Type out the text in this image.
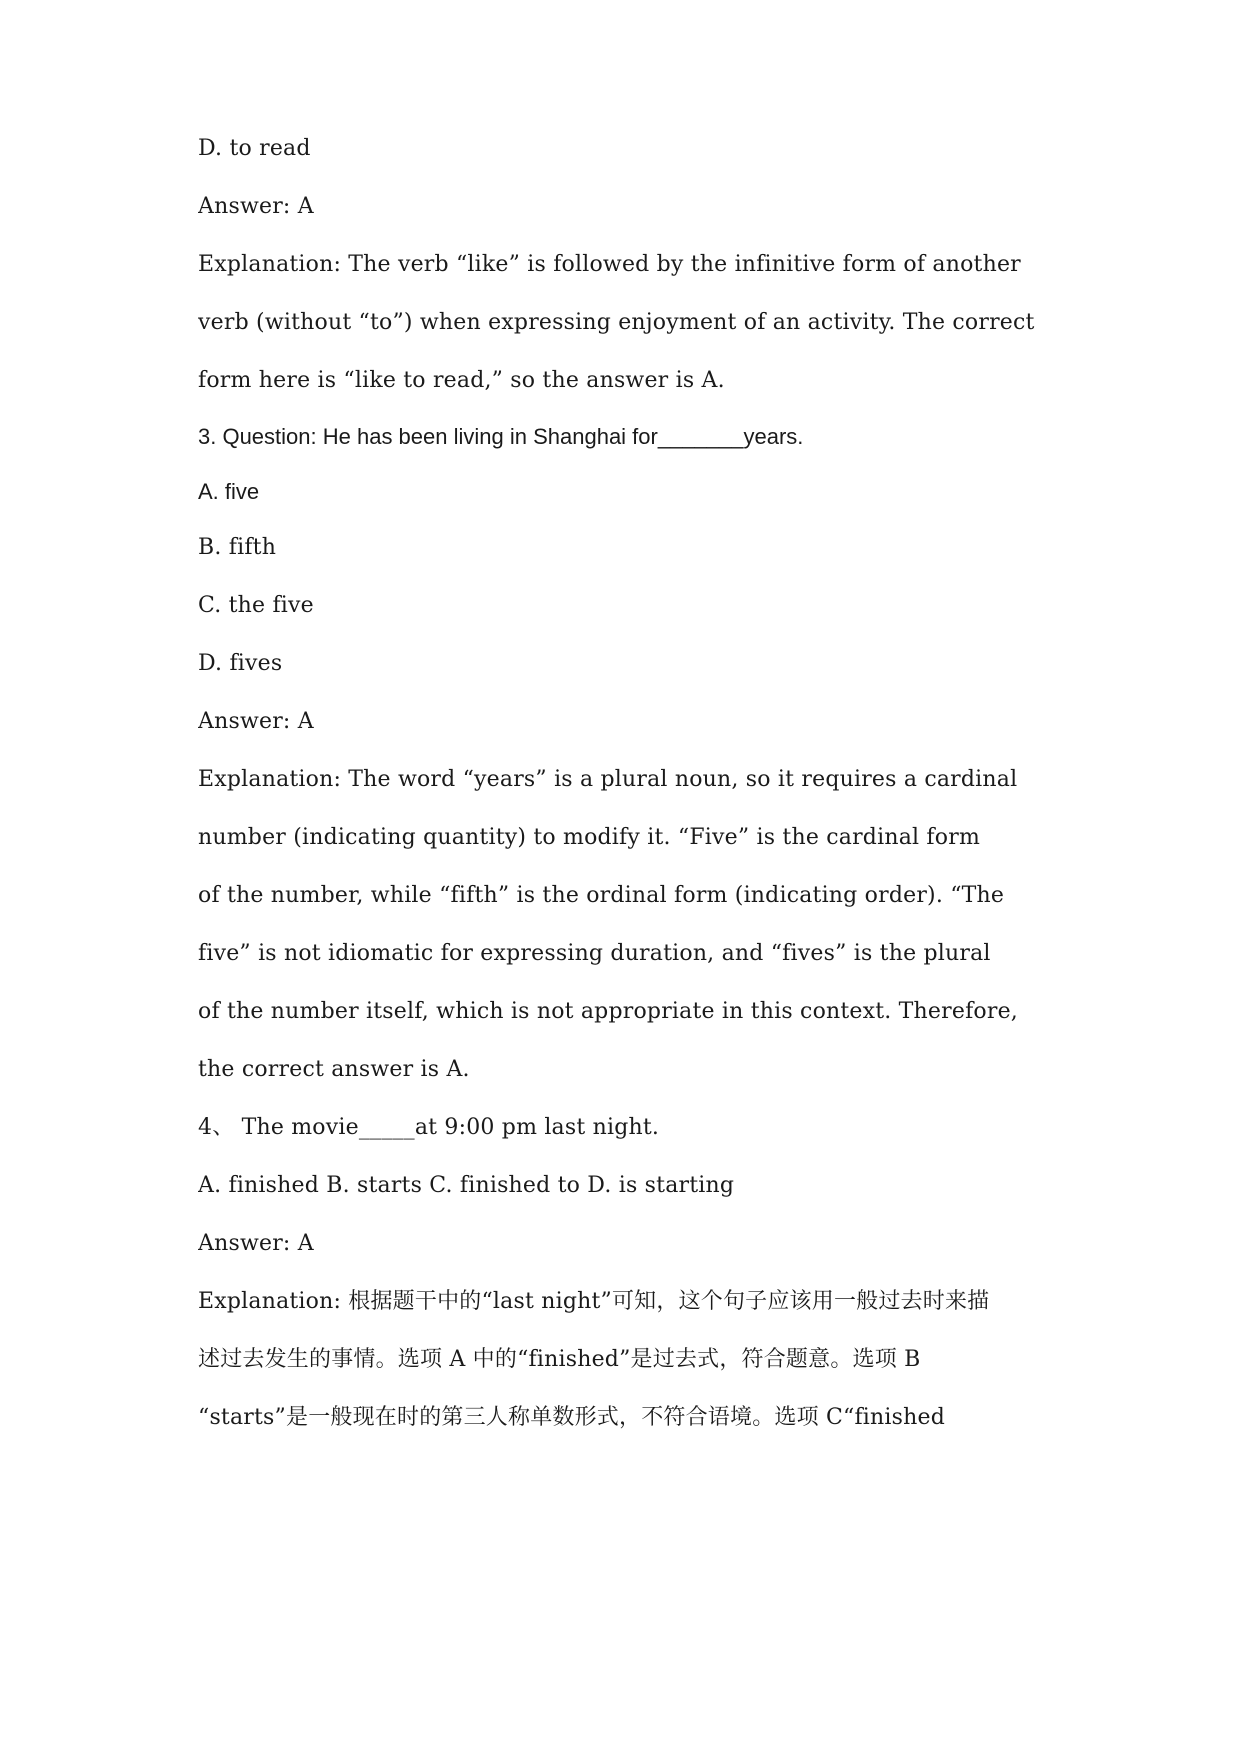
D. to read
Answer: A
Explanation: The verb “like” is followed by the infinitive form of another
verb (without “to”) when expressing enjoyment of an activity. The correct
form here is “like to read,” so the answer is A.
3. Question: He has been living in Shanghai for_______years.
A. five
B. fifth
C. the five
D. fives
Answer: A
Explanation: The word “years” is a plural noun, so it requires a cardinal
number (indicating quantity) to modify it. “Five” is the cardinal form
of the number, while “fifth” is the ordinal form (indicating order). “The
five” is not idiomatic for expressing duration, and “fives” is the plural
of the number itself, which is not appropriate in this context. Therefore,
the correct answer is A.
4、 The movie_____at 9:00 pm last night.
A. finished B. starts C. finished to D. is starting
Answer: A
Explanation: 根据题干中的“last night”可知，这个句子应该用一般过去时来描
述过去发生的事情。选项 A 中的“finished”是过去式，符合题意。选项 B
“starts”是一般现在时的第三人称单数形式，不符合语境。选项 C“finished
